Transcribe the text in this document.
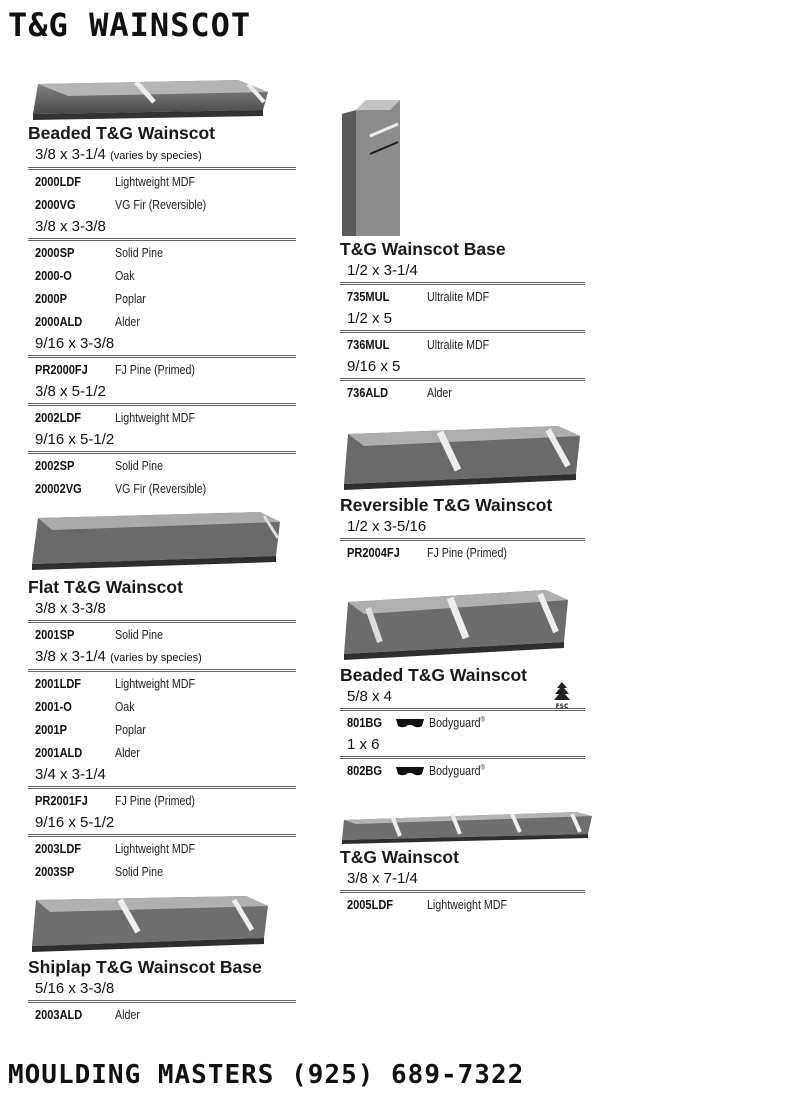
T&G WAINSCOT
Beaded T&G Wainscot
3/8 x 3-1/4 (varies by species)
2000LDF	Lightweight MDF
2000VG	VG Fir (Reversible)
3/8 x 3-3/8
2000SP	Solid Pine
2000-O	Oak
2000P	Poplar
2000ALD	Alder
9/16 x 3-3/8
PR2000FJ	FJ Pine (Primed)
3/8 x 5-1/2
2002LDF	Lightweight MDF
9/16 x 5-1/2
2002SP	Solid Pine
20002VG	VG Fir (Reversible)
Flat T&G Wainscot
3/8 x 3-3/8
2001SP	Solid Pine
3/8 x 3-1/4 (varies by species)
2001LDF	Lightweight MDF
2001-O	Oak
2001P	Poplar
2001ALD	Alder
3/4 x 3-1/4
PR2001FJ	FJ Pine (Primed)
9/16 x 5-1/2
2003LDF	Lightweight MDF
2003SP	Solid Pine
Shiplap T&G Wainscot Base
5/16 x 3-3/8
2003ALD	Alder
T&G Wainscot Base
1/2 x 3-1/4
735MUL	Ultralite MDF
1/2 x 5
736MUL	Ultralite MDF
9/16 x 5
736ALD	Alder
Reversible T&G Wainscot
1/2 x 3-5/16
PR2004FJ	FJ Pine (Primed)
Beaded T&G Wainscot
FSC
5/8 x 4
801BG	Bodyguard®
1 x 6
802BG	Bodyguard®
T&G Wainscot
3/8 x 7-1/4
2005LDF	Lightweight MDF
MOULDING MASTERS (925) 689-7322
